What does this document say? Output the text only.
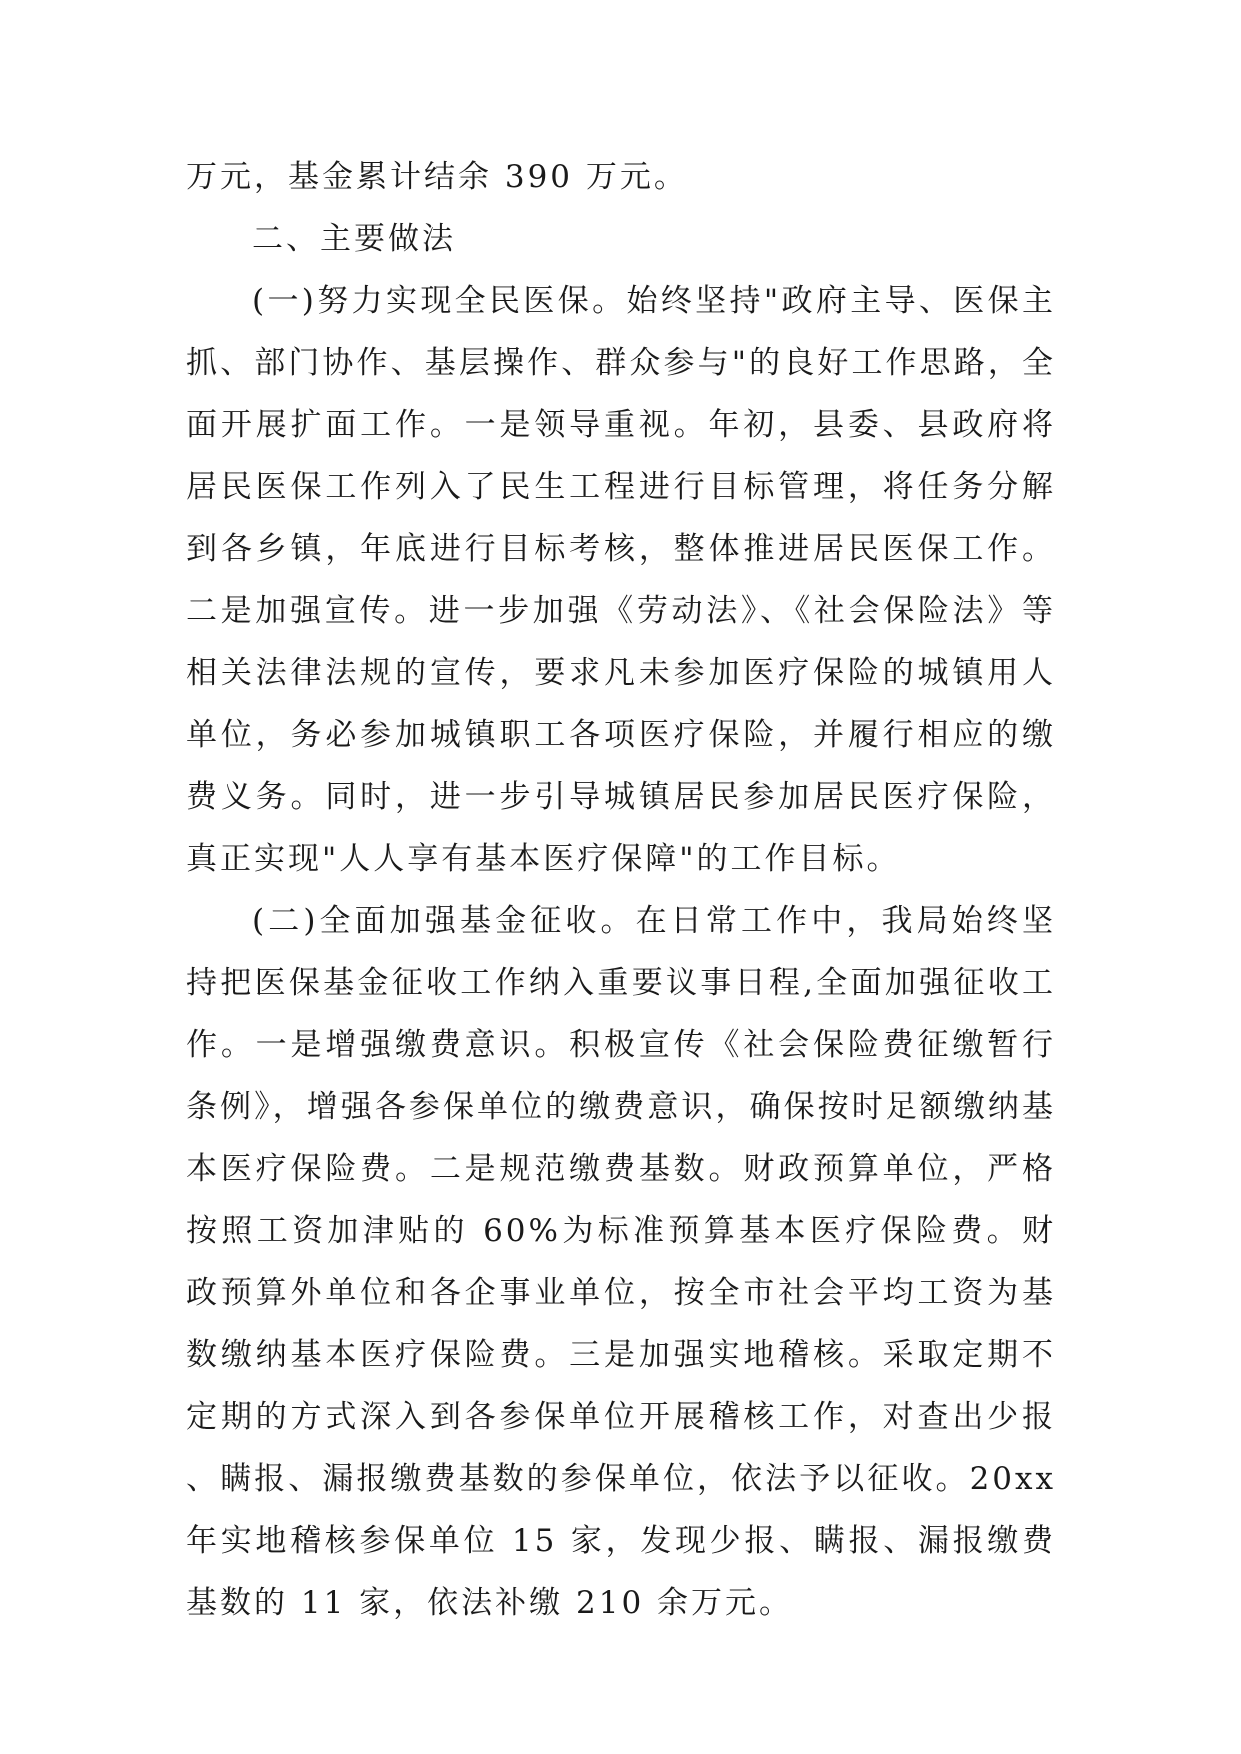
万元，基金累计结余 390 万元。

二、主要做法

(一)努力实现全民医保。始终坚持"政府主导、医保主抓、部门协作、基层操作、群众参与"的良好工作思路，全面开展扩面工作。一是领导重视。年初，县委、县政府将居民医保工作列入了民生工程进行目标管理，将任务分解到各乡镇，年底进行目标考核，整体推进居民医保工作。二是加强宣传。进一步加强《劳动法》、《社会保险法》等相关法律法规的宣传，要求凡未参加医疗保险的城镇用人单位，务必参加城镇职工各项医疗保险，并履行相应的缴费义务。同时，进一步引导城镇居民参加居民医疗保险，真正实现"人人享有基本医疗保障"的工作目标。

(二)全面加强基金征收。在日常工作中，我局始终坚持把医保基金征收工作纳入重要议事日程,全面加强征收工作。一是增强缴费意识。积极宣传《社会保险费征缴暂行条例》，增强各参保单位的缴费意识，确保按时足额缴纳基本医疗保险费。二是规范缴费基数。财政预算单位，严格按照工资加津贴的 60%为标准预算基本医疗保险费。财政预算外单位和各企事业单位，按全市社会平均工资为基数缴纳基本医疗保险费。三是加强实地稽核。采取定期不定期的方式深入到各参保单位开展稽核工作，对查出少报、瞒报、漏报缴费基数的参保单位，依法予以征收。20xx 年实地稽核参保单位 15 家，发现少报、瞒报、漏报缴费基数的 11 家，依法补缴 210 余万元。
